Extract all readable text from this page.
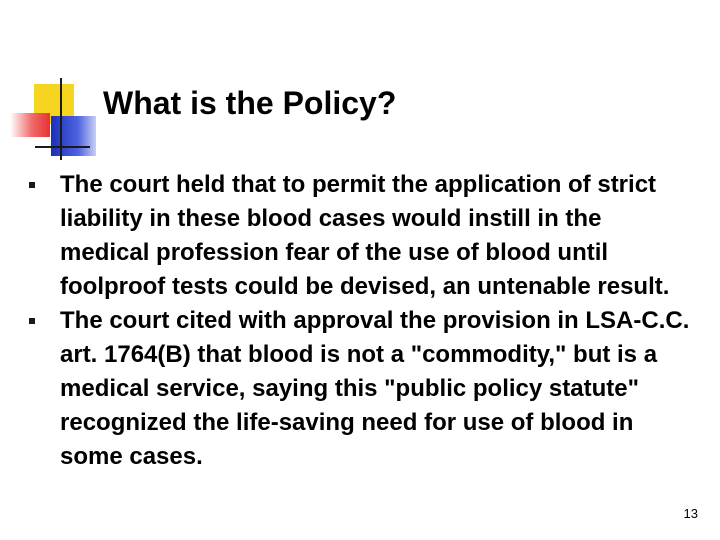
What is the Policy?
The court held that to permit the application of strict liability in these blood cases would instill in the medical profession fear of the use of blood until foolproof tests could be devised, an untenable result.
The court cited with approval the provision in LSA-C.C. art. 1764(B) that blood is not a "commodity," but is a medical service, saying this "public policy statute" recognized the life-saving need for use of blood in some cases.
13
